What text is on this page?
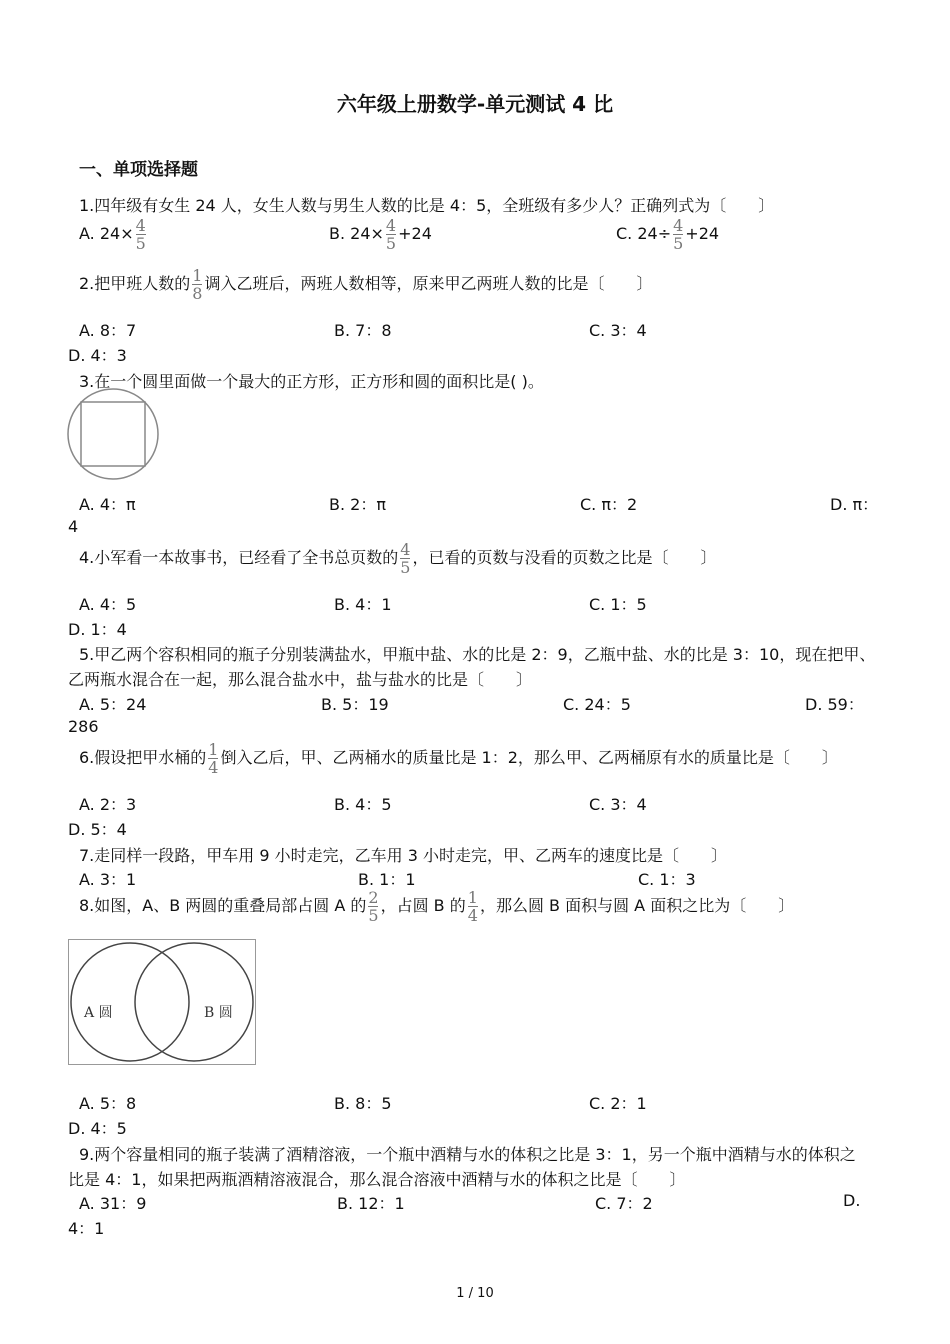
六年级上册数学-单元测试 4 比
一、单项选择题
1.四年级有女生 24 人，女生人数与男生人数的比是 4：5，全班级有多少人？正确列式为〔　　〕
A. $24\times \frac{4}{5}$	B. $24\times \frac{4}{5} +24$	C. $24\div \frac{4}{5} +24$
2.把甲班人数的 $\frac{1}{8}$ 调入乙班后，两班人数相等，原来甲乙两班人数的比是〔　　〕
A. 8：7	B. 7：8	C. 3：4
D. 4：3
3.在一个圆里面做一个最大的正方形，正方形和圆的面积比是( )。
A. 4：π	B. 2：π	C. π：2	D. π：
4
4.小军看一本故事书，已经看了全书总页数的 $\frac{4}{5}$ ，已看的页数与没看的页数之比是〔　　〕
A. 4：5	B. 4：1	C. 1：5
D. 1：4
5.甲乙两个容积相同的瓶子分别装满盐水，甲瓶中盐、水的比是 2：9，乙瓶中盐、水的比是 3：10，现在把甲、
乙两瓶水混合在一起，那么混合盐水中，盐与盐水的比是〔　　〕
A. 5：24	B. 5：19	C. 24：5	D. 59：
286
6.假设把甲水桶的 $\frac{1}{4}$ 倒入乙后，甲、乙两桶水的质量比是 1：2，那么甲、乙两桶原有水的质量比是〔　　〕
A. 2：3	B. 4：5	C. 3：4
D. 5：4
7.走同样一段路，甲车用 9 小时走完，乙车用 3 小时走完，甲、乙两车的速度比是〔　　〕
A. 3：1	B. 1：1	C. 1：3
8.如图，A、B 两圆的重叠局部占圆 A 的 $\frac{2}{5}$ ，占圆 B 的 $\frac{1}{4}$ ，那么圆 B 面积与圆 A 面积之比为〔　　〕
A 圆	B 圆
A. 5：8	B. 8：5	C. 2：1
D. 4：5
9.两个容量相同的瓶子装满了酒精溶液，一个瓶中酒精与水的体积之比是 3：1，另一个瓶中酒精与水的体积之
比是 4：1，如果把两瓶酒精溶液混合，那么混合溶液中酒精与水的体积之比是〔　　〕
A. 31：9	B. 12：1	C. 7：2	D.
4：1
1 / 10
